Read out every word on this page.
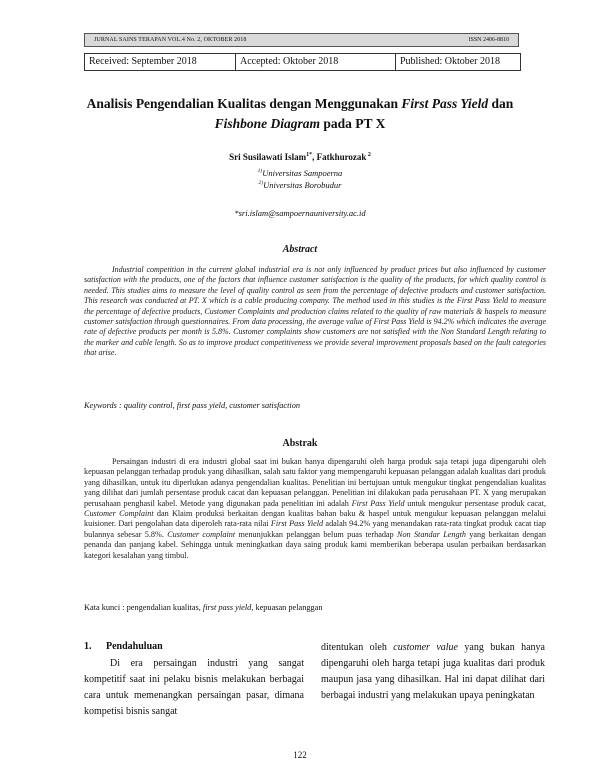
JURNAL SAINS TERAPAN VOL.4 No. 2, OKTOBER 2018	ISSN 2406-8810
Received: September 2018	Accepted: Oktober 2018	Published: Oktober 2018
Analisis Pengendalian Kualitas dengan Menggunakan First Pass Yield dan
Fishbone Diagram pada PT X
Sri Susilawati Islam$^{1*}$, Fatkhurozak $^2$
$^{1)}$Universitas Sampoerna
$^{2)}$Universitas Borobudur
*sri.islam@sampoernauniversity.ac.id
Abstract
Industrial competition in the current global industrial era is not only influenced by product prices but also influenced by customer satisfaction with the products, one of the factors that influence customer satisfaction is the quality of the products, for which quality control is needed. This studies aims to measure the level of quality control as seen from the percentage of defective products and customer satisfaction. This research was conducted at PT. X which is a cable producing company. The method used in this studies is the First Pass Yield to measure the percentage of defective products, Customer Complaints and production claims related to the quality of raw materials & haspels to measure customer satisfaction through questionnaires. From data processing, the average value of First Pass Yield is 94.2% which indicates the average rate of defective products per month is 5.8%. Customer complaints show customers are not satisfied with the Non Standard Length relating to the marker and cable length. So as to improve product competitiveness we provide several improvement proposals based on the fault categories that arise.
Keywords : quality control, first pass yield, customer satisfaction
Abstrak
Persaingan industri di era industri global saat ini bukan hanya dipengaruhi oleh harga produk saja tetapi juga dipengaruhi oleh kepuasan pelanggan terhadap produk yang dihasilkan, salah satu faktor yang mempengaruhi kepuasan pelanggan adalah kualitas dari produk yang dihasilkan, untuk itu diperlukan adanya pengendalian kualitas. Penelitian ini bertujuan untuk mengukur tingkat pengendalian kualitas yang dilihat dari jumlah persentase produk cacat dan kepuasan pelanggan. Penelitian ini dilakukan pada perusahaan PT. X yang merupakan perusahaan penghasil kabel. Metode yang digunakan pada penelitian ini adalah First Pass Yield untuk mengukur persentase produk cacat, Customer Complaint dan Klaim produksi berkaitan dengan kualitas bahan baku & haspel untuk mengukur kepuasan pelanggan melalui kuisioner. Dari pengolahan data diperoleh rata-rata nilai First Pass Yield adalah 94.2% yang menandakan rata-rata tingkat produk cacat tiap bulannya sebesar 5.8%. Customer complaint menunjukkan pelanggan belum puas terhadap Non Standar Length yang berkaitan dengan penanda dan panjang kabel. Sehingga untuk meningkatkan daya saing produk kami memberikan beberapa usulan perbaikan berdasarkan kategori kesalahan yang timbul.
Kata kunci : pengendalian kualitas, first pass yield, kepuasan pelanggan
1. Pendahuluan
Di era persaingan industri yang sangat kompetitif saat ini pelaku bisnis melakukan berbagai cara untuk memenangkan persaingan pasar, dimana kompetisi bisnis sangat
ditentukan oleh customer value yang bukan hanya dipengaruhi oleh harga tetapi juga kualitas dari produk maupun jasa yang dihasilkan. Hal ini dapat dilihat dari berbagai industri yang melakukan upaya peningkatan
122
